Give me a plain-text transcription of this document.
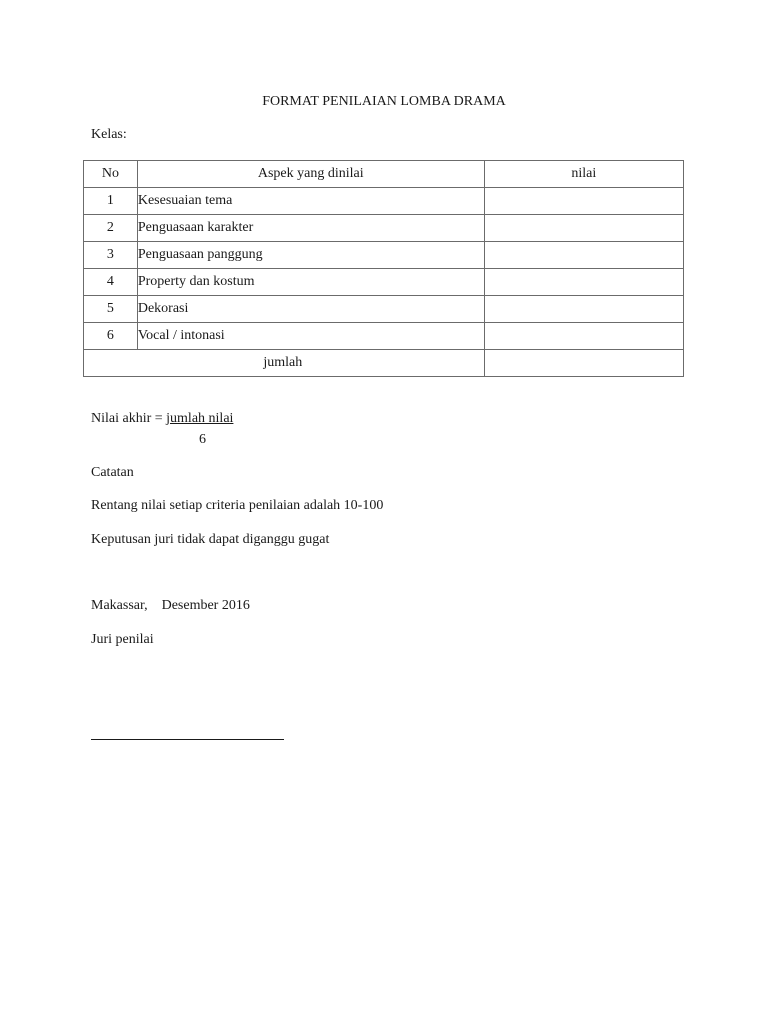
FORMAT PENILAIAN LOMBA DRAMA
Kelas:
No	Aspek yang dinilai	nilai
1	Kesesuaian tema	
2	Penguasaan karakter	
3	Penguasaan panggung	
4	Property dan kostum	
5	Dekorasi	
6	Vocal / intonasi	
jumlah		
Nilai akhir = jumlah nilai
6
Catatan
Rentang nilai setiap criteria penilaian adalah 10-100
Keputusan juri tidak dapat diganggu gugat
Makassar, Desember 2016
Juri penilai
